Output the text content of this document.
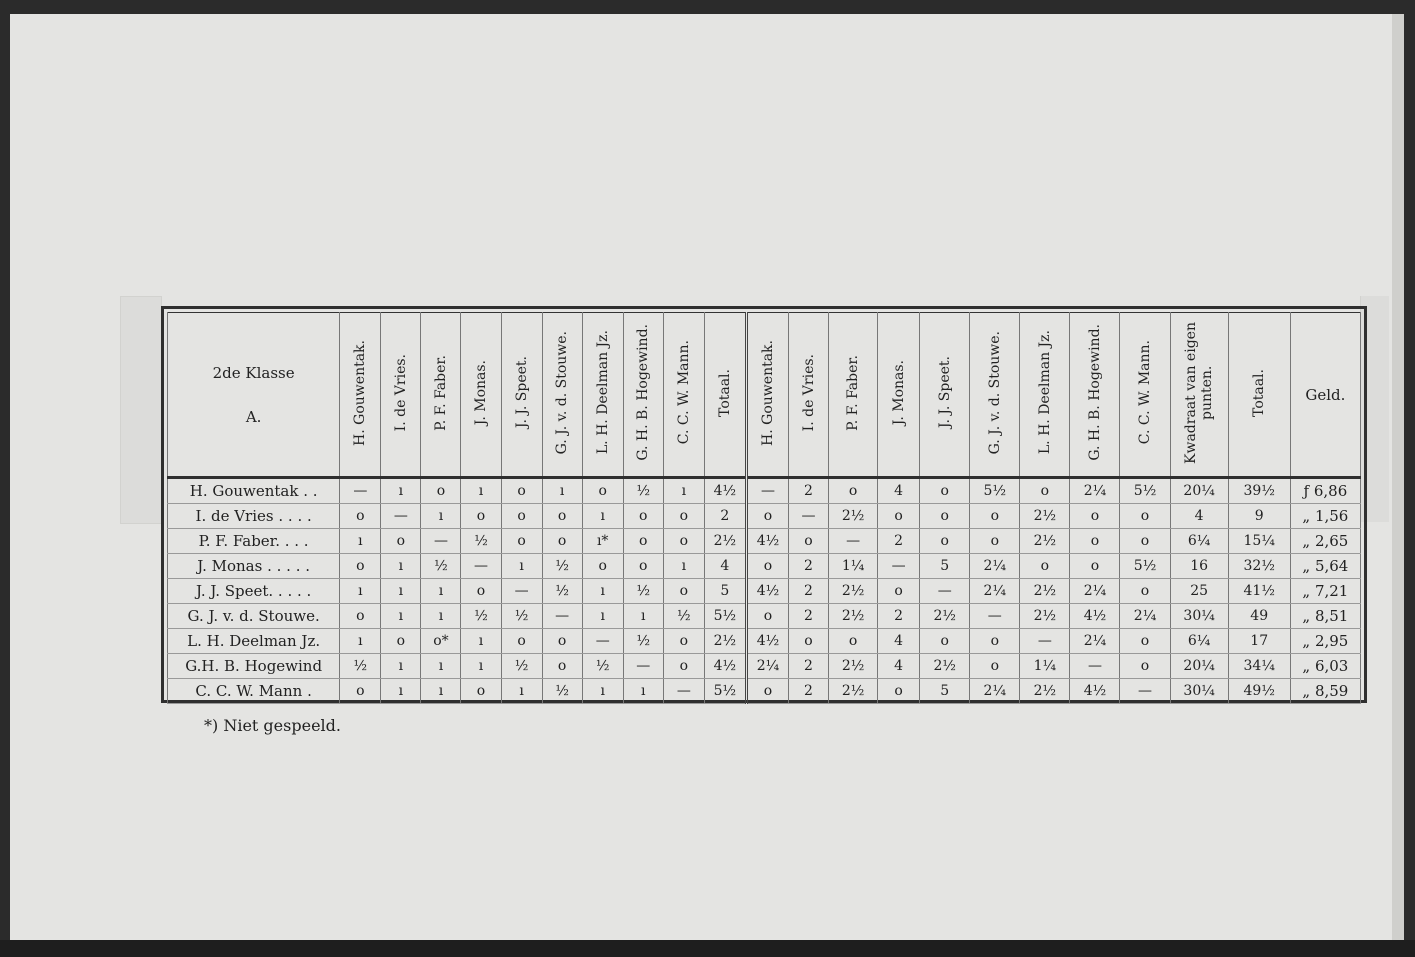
2de Klasse
A.	H. Gouwentak.	I. de Vries.	P. F. Faber.	J. Monas.	J. J. Speet.	G. J. v. d. Stouwe.	L. H. Deelman Jz.	G. H. B. Hogewind.	C. C. W. Mann.	Totaal.	H. Gouwentak.	I. de Vries.	P. F. Faber.	J. Monas.	J. J. Speet.	G. J. v. d. Stouwe.	L. H. Deelman Jz.	G. H. B. Hogewind.	C. C. W. Mann.	Kwadraat van eigen punten.	Totaal.	Geld.
H. Gouwentak . .	—	ı	o	ı	o	ı	o	½	ı	4½	—	2	o	4	o	5½	o	2¼	5½	20¼	39½	ƒ 6,86
I. de Vries . . . .	o	—	ı	o	o	o	ı	o	o	2	o	—	2½	o	o	o	2½	o	o	4	9	„ 1,56
P. F. Faber. . . .	ı	o	—	½	o	o	ı*	o	o	2½	4½	o	—	2	o	o	2½	o	o	6¼	15¼	„ 2,65
J. Monas . . . . .	o	ı	½	—	ı	½	o	o	ı	4	o	2	1¼	—	5	2¼	o	o	5½	16	32½	„ 5,64
J. J. Speet. . . . .	ı	ı	ı	o	—	½	ı	½	o	5	4½	2	2½	o	—	2¼	2½	2¼	o	25	41½	„ 7,21
G. J. v. d. Stouwe.	o	ı	ı	½	½	—	ı	ı	½	5½	o	2	2½	2	2½	—	2½	4½	2¼	30¼	49	„ 8,51
L. H. Deelman Jz.	ı	o	o*	ı	o	o	—	½	o	2½	4½	o	o	4	o	o	—	2¼	o	6¼	17	„ 2,95
G.H. B. Hogewind	½	ı	ı	ı	½	o	½	—	o	4½	2¼	2	2½	4	2½	o	1¼	—	o	20¼	34¼	„ 6,03
C. C. W. Mann .	o	ı	ı	o	ı	½	ı	ı	—	5½	o	2	2½	o	5	2¼	2½	4½	—	30¼	49½	„ 8,59
*) Niet gespeeld.
